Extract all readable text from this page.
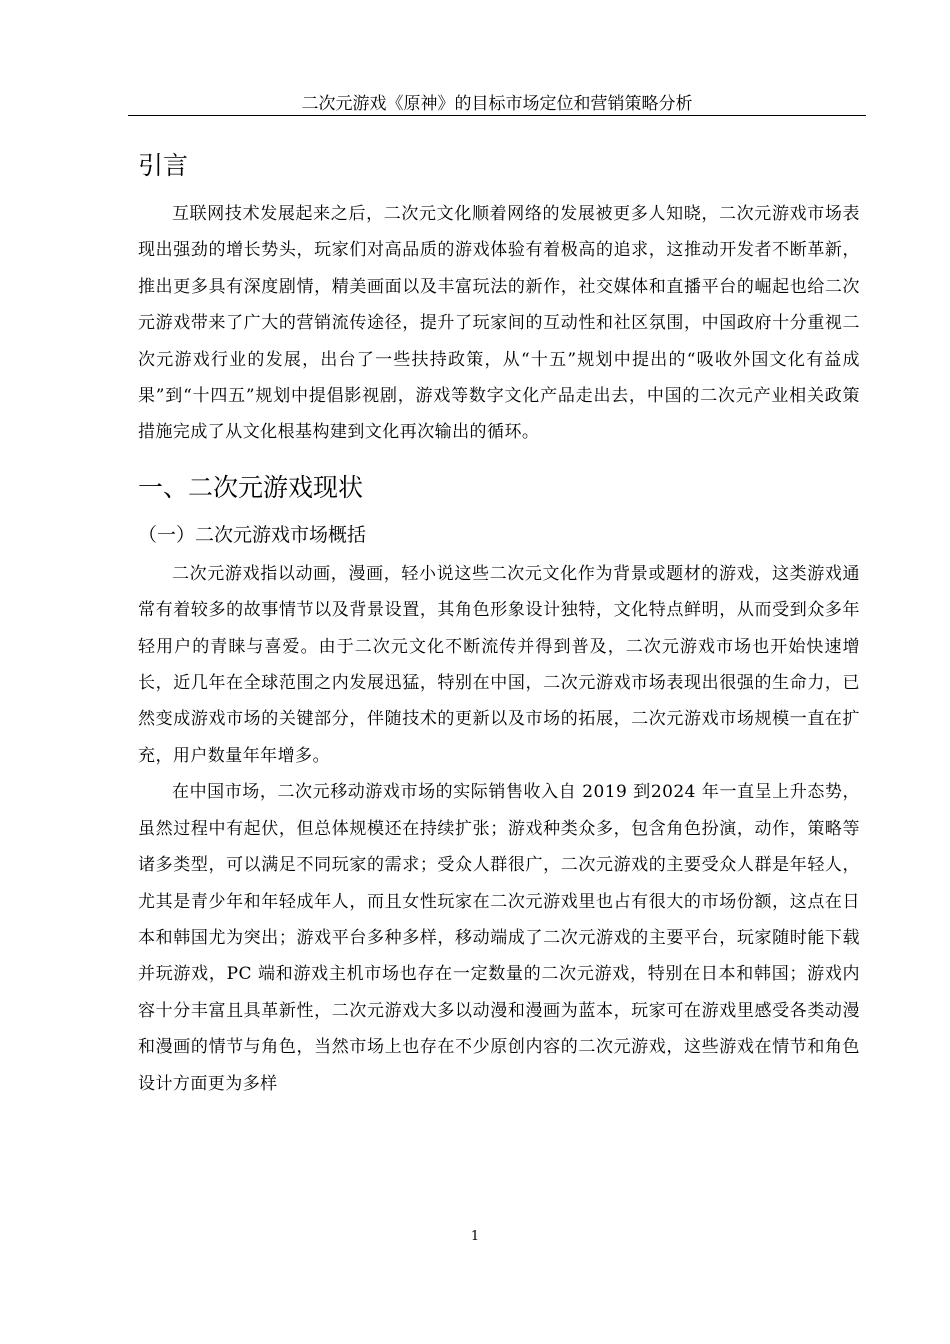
二次元游戏《原神》的目标市场定位和营销策略分析
引言

互联网技术发展起来之后，二次元文化顺着网络的发展被更多人知晓，二次元游戏市场表现出强劲的增长势头，玩家们对高品质的游戏体验有着极高的追求，这推动开发者不断革新，推出更多具有深度剧情，精美画面以及丰富玩法的新作，社交媒体和直播平台的崛起也给二次元游戏带来了广大的营销流传途径，提升了玩家间的互动性和社区氛围，中国政府十分重视二次元游戏行业的发展，出台了一些扶持政策，从“十五”规划中提出的“吸收外国文化有益成果”到“十四五”规划中提倡影视剧，游戏等数字文化产品走出去，中国的二次元产业相关政策措施完成了从文化根基构建到文化再次输出的循环。

一、二次元游戏现状
（一）二次元游戏市场概括

二次元游戏指以动画，漫画，轻小说这些二次元文化作为背景或题材的游戏，这类游戏通常有着较多的故事情节以及背景设置，其角色形象设计独特，文化特点鲜明，从而受到众多年轻用户的青睐与喜爱。由于二次元文化不断流传并得到普及，二次元游戏市场也开始快速增长，近几年在全球范围之内发展迅猛，特别在中国，二次元游戏市场表现出很强的生命力，已然变成游戏市场的关键部分，伴随技术的更新以及市场的拓展，二次元游戏市场规模一直在扩充，用户数量年年增多。

在中国市场，二次元移动游戏市场的实际销售收入自 2019 到2024 年一直呈上升态势，虽然过程中有起伏，但总体规模还在持续扩张；游戏种类众多，包含角色扮演，动作，策略等诸多类型，可以满足不同玩家的需求；受众人群很广，二次元游戏的主要受众人群是年轻人，尤其是青少年和年轻成年人，而且女性玩家在二次元游戏里也占有很大的市场份额，这点在日本和韩国尤为突出；游戏平台多种多样，移动端成了二次元游戏的主要平台，玩家随时能下载并玩游戏，PC 端和游戏主机市场也存在一定数量的二次元游戏，特别在日本和韩国；游戏内容十分丰富且具革新性，二次元游戏大多以动漫和漫画为蓝本，玩家可在游戏里感受各类动漫和漫画的情节与角色，当然市场上也存在不少原创内容的二次元游戏，这些游戏在情节和角色设计方面更为多样

1
